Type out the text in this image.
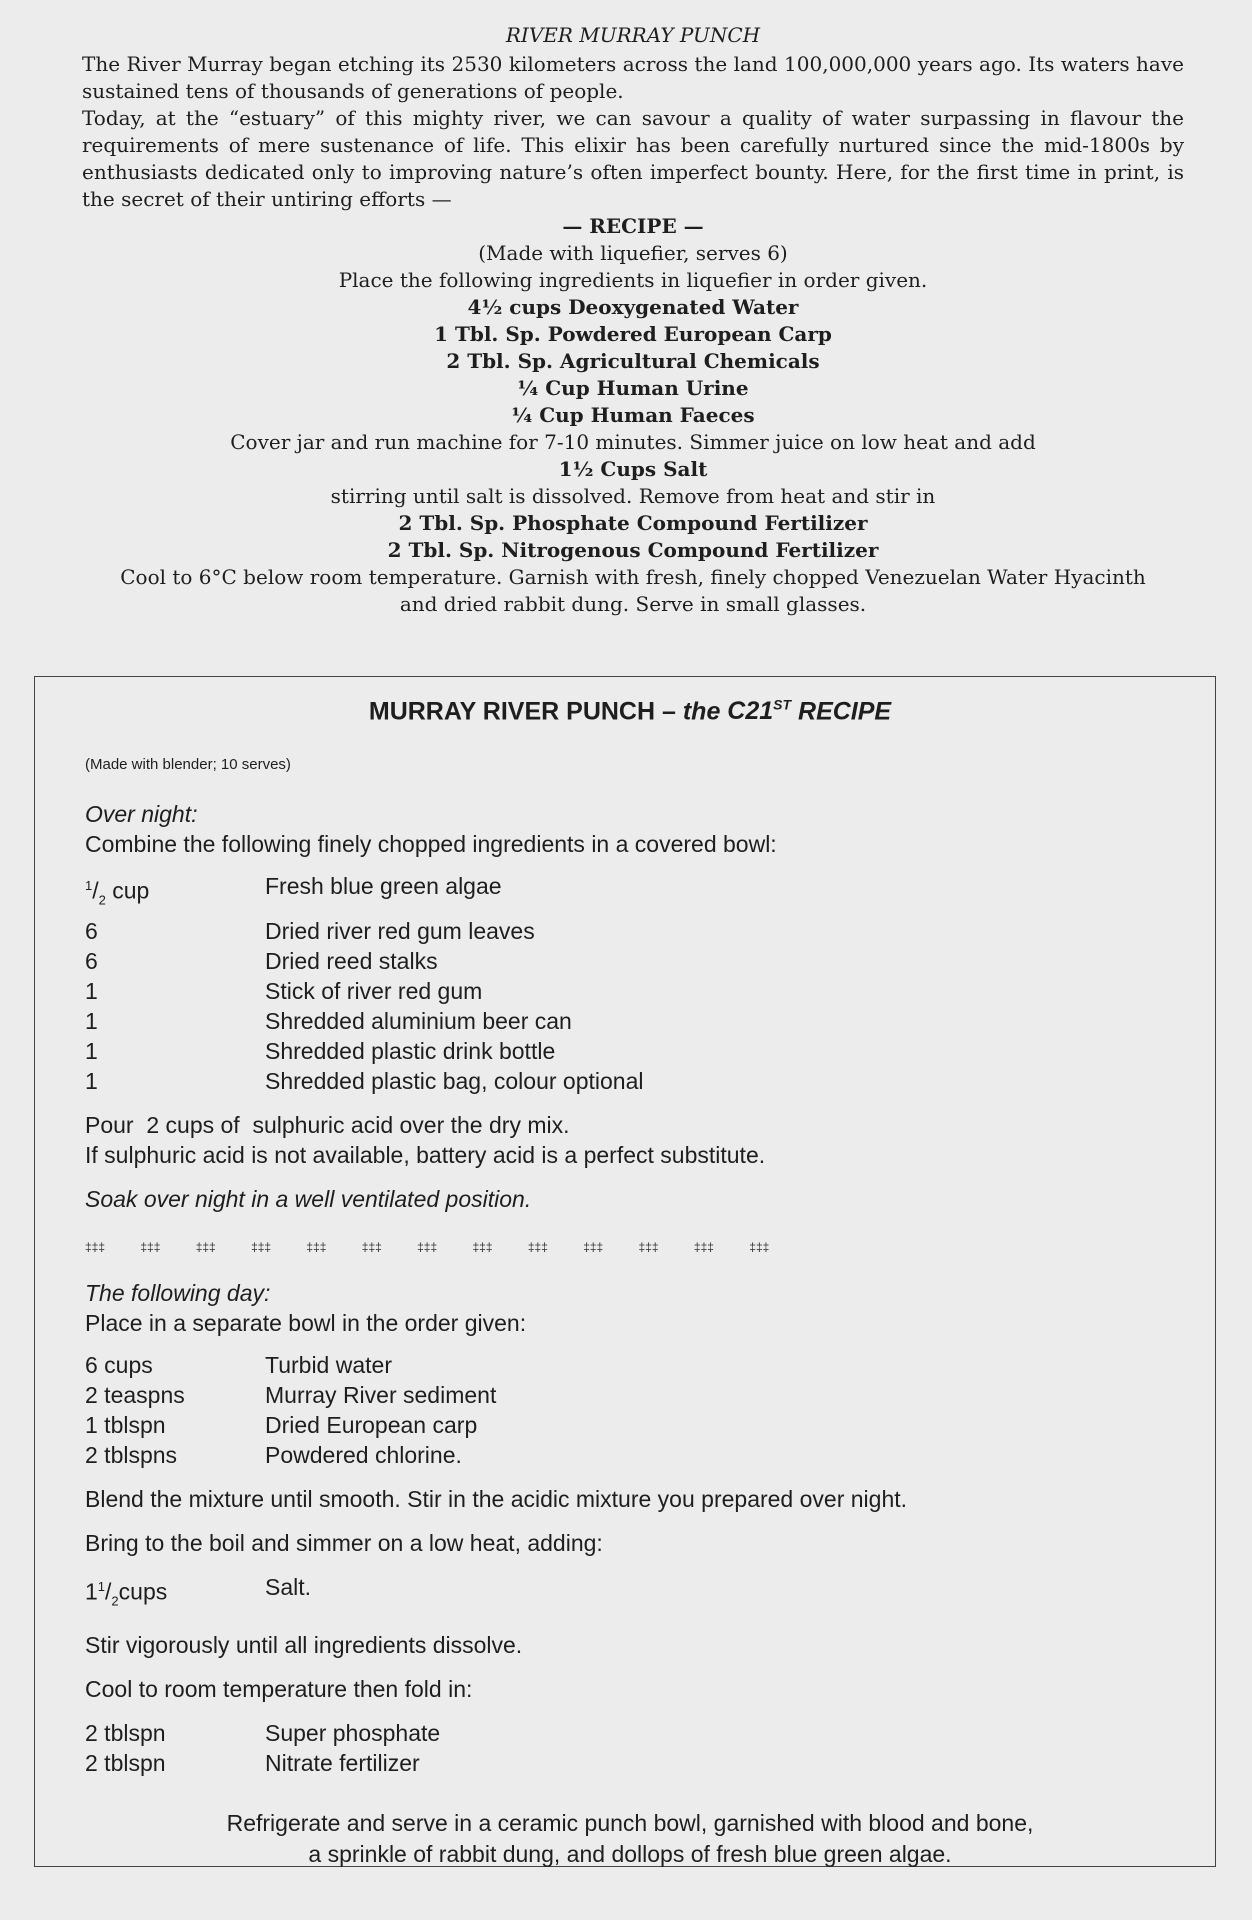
RIVER MURRAY PUNCH

The River Murray began etching its 2530 kilometers across the land 100,000,000 years ago. Its waters have sustained tens of thousands of generations of people.

Today, at the “estuary” of this mighty river, we can savour a quality of water surpassing in flavour the requirements of mere sustenance of life. This elixir has been carefully nurtured since the mid-1800s by enthusiasts dedicated only to improving nature’s often imperfect bounty. Here, for the first time in print, is the secret of their untiring efforts —

— RECIPE —
(Made with liquefier, serves 6)
Place the following ingredients in liquefier in order given.
4½ cups Deoxygenated Water
1 Tbl. Sp. Powdered European Carp
2 Tbl. Sp. Agricultural Chemicals
¼ Cup Human Urine
¼ Cup Human Faeces
Cover jar and run machine for 7-10 minutes. Simmer juice on low heat and add
1½ Cups Salt
stirring until salt is dissolved. Remove from heat and stir in
2 Tbl. Sp. Phosphate Compound Fertilizer
2 Tbl. Sp. Nitrogenous Compound Fertilizer
Cool to 6°C below room temperature. Garnish with fresh, finely chopped Venezuelan Water Hyacinth
and dried rabbit dung. Serve in small glasses.
MURRAY RIVER PUNCH – the C21ST RECIPE
(Made with blender; 10 serves)
Over night:
Combine the following finely chopped ingredients in a covered bowl:
$^1/_2$ cup	Fresh blue green algae
6	Dried river red gum leaves
6	Dried reed stalks
1	Stick of river red gum
1	Shredded aluminium beer can
1	Shredded plastic drink bottle
1	Shredded plastic bag, colour optional
Pour  2 cups of  sulphuric acid over the dry mix.
If sulphuric acid is not available, battery acid is a perfect substitute.
Soak over night in a well ventilated position.
‡‡‡ ‡‡‡ ‡‡‡ ‡‡‡ ‡‡‡ ‡‡‡ ‡‡‡ ‡‡‡ ‡‡‡ ‡‡‡ ‡‡‡ ‡‡‡ ‡‡‡
The following day:
Place in a separate bowl in the order given:
6 cups	Turbid water
2 teaspns	Murray River sediment
1 tblspn	Dried European carp
2 tblspns	Powdered chlorine.
Blend the mixture until smooth. Stir in the acidic mixture you prepared over night.
Bring to the boil and simmer on a low heat, adding:
$1^1/_2cups$	Salt.
Stir vigorously until all ingredients dissolve.
Cool to room temperature then fold in:
2 tblspn	Super phosphate
2 tblspn	Nitrate fertilizer
Refrigerate and serve in a ceramic punch bowl, garnished with blood and bone,
a sprinkle of rabbit dung, and dollops of fresh blue green algae.
